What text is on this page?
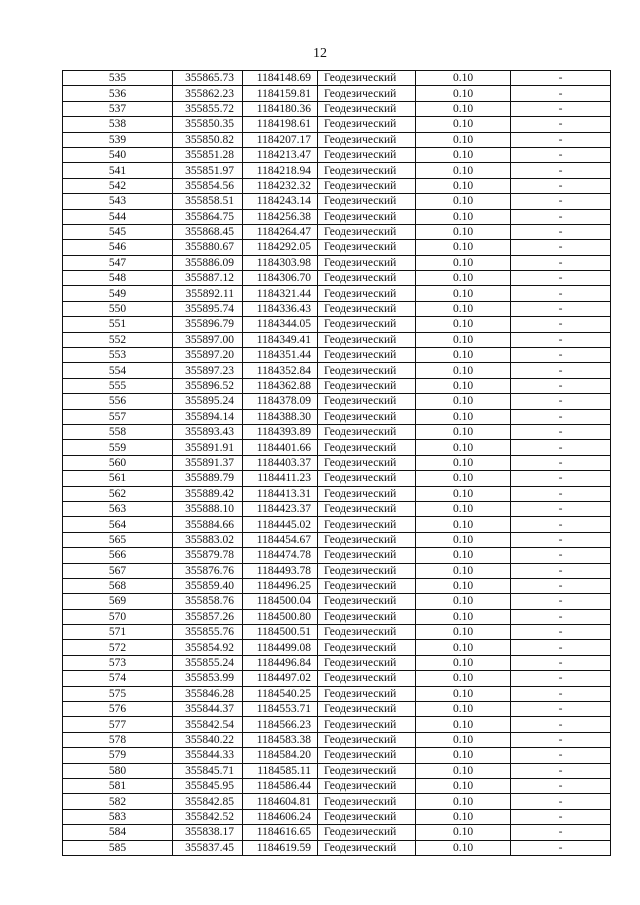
12
535	355865.73	1184148.69	Геодезический	0.10	-
536	355862.23	1184159.81	Геодезический	0.10	-
537	355855.72	1184180.36	Геодезический	0.10	-
538	355850.35	1184198.61	Геодезический	0.10	-
539	355850.82	1184207.17	Геодезический	0.10	-
540	355851.28	1184213.47	Геодезический	0.10	-
541	355851.97	1184218.94	Геодезический	0.10	-
542	355854.56	1184232.32	Геодезический	0.10	-
543	355858.51	1184243.14	Геодезический	0.10	-
544	355864.75	1184256.38	Геодезический	0.10	-
545	355868.45	1184264.47	Геодезический	0.10	-
546	355880.67	1184292.05	Геодезический	0.10	-
547	355886.09	1184303.98	Геодезический	0.10	-
548	355887.12	1184306.70	Геодезический	0.10	-
549	355892.11	1184321.44	Геодезический	0.10	-
550	355895.74	1184336.43	Геодезический	0.10	-
551	355896.79	1184344.05	Геодезический	0.10	-
552	355897.00	1184349.41	Геодезический	0.10	-
553	355897.20	1184351.44	Геодезический	0.10	-
554	355897.23	1184352.84	Геодезический	0.10	-
555	355896.52	1184362.88	Геодезический	0.10	-
556	355895.24	1184378.09	Геодезический	0.10	-
557	355894.14	1184388.30	Геодезический	0.10	-
558	355893.43	1184393.89	Геодезический	0.10	-
559	355891.91	1184401.66	Геодезический	0.10	-
560	355891.37	1184403.37	Геодезический	0.10	-
561	355889.79	1184411.23	Геодезический	0.10	-
562	355889.42	1184413.31	Геодезический	0.10	-
563	355888.10	1184423.37	Геодезический	0.10	-
564	355884.66	1184445.02	Геодезический	0.10	-
565	355883.02	1184454.67	Геодезический	0.10	-
566	355879.78	1184474.78	Геодезический	0.10	-
567	355876.76	1184493.78	Геодезический	0.10	-
568	355859.40	1184496.25	Геодезический	0.10	-
569	355858.76	1184500.04	Геодезический	0.10	-
570	355857.26	1184500.80	Геодезический	0.10	-
571	355855.76	1184500.51	Геодезический	0.10	-
572	355854.92	1184499.08	Геодезический	0.10	-
573	355855.24	1184496.84	Геодезический	0.10	-
574	355853.99	1184497.02	Геодезический	0.10	-
575	355846.28	1184540.25	Геодезический	0.10	-
576	355844.37	1184553.71	Геодезический	0.10	-
577	355842.54	1184566.23	Геодезический	0.10	-
578	355840.22	1184583.38	Геодезический	0.10	-
579	355844.33	1184584.20	Геодезический	0.10	-
580	355845.71	1184585.11	Геодезический	0.10	-
581	355845.95	1184586.44	Геодезический	0.10	-
582	355842.85	1184604.81	Геодезический	0.10	-
583	355842.52	1184606.24	Геодезический	0.10	-
584	355838.17	1184616.65	Геодезический	0.10	-
585	355837.45	1184619.59	Геодезический	0.10	-
